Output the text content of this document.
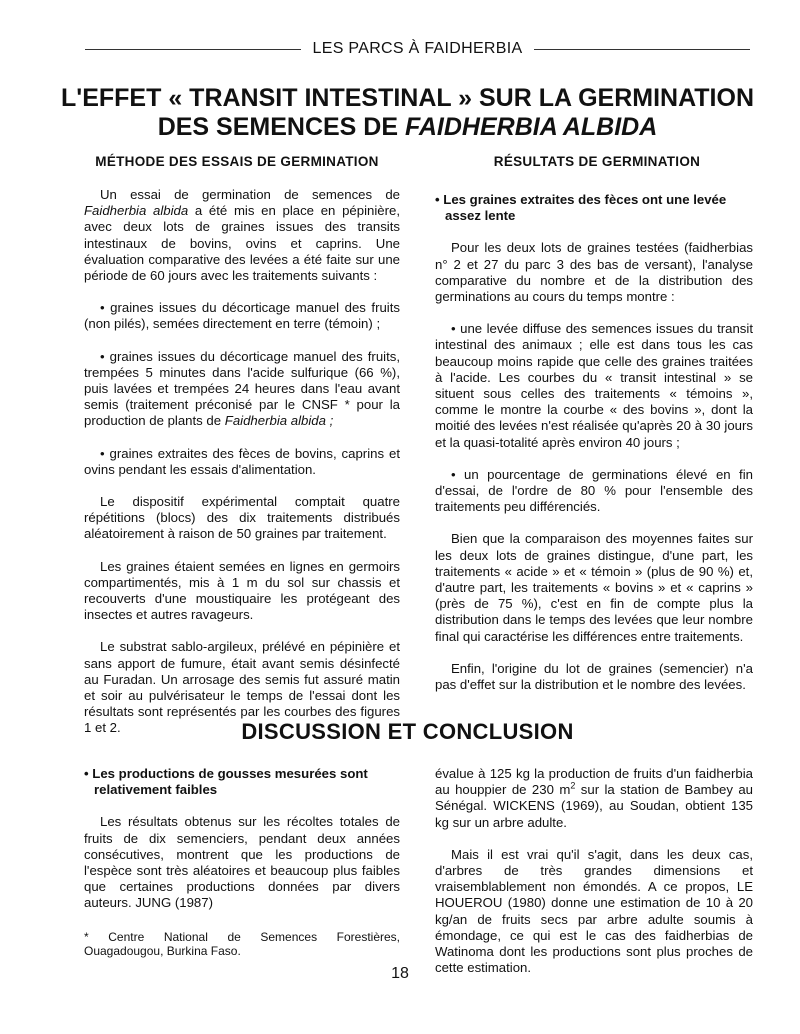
LES PARCS À FAIDHERBIA
L'EFFET « TRANSIT INTESTINAL » SUR LA GERMINATION
DES SEMENCES DE FAIDHERBIA ALBIDA
MÉTHODE DES ESSAIS DE GERMINATION	RÉSULTATS DE GERMINATION

Un essai de germination de semences de Faidherbia albida a été mis en place en pépinière, avec deux lots de graines issues des transits intestinaux de bovins, ovins et caprins. Une évaluation comparative des levées a été faite sur une période de 60 jours avec les traitements suivants :

• graines issues du décorticage manuel des fruits (non pilés), semées directement en terre (témoin) ;

• graines issues du décorticage manuel des fruits, trempées 5 minutes dans l'acide sulfurique (66 %), puis lavées et trempées 24 heures dans l'eau avant semis (traitement préconisé par le CNSF * pour la production de plants de Faidherbia albida ;

• graines extraites des fèces de bovins, caprins et ovins pendant les essais d'alimentation.

Le dispositif expérimental comptait quatre répétitions (blocs) des dix traitements distribués aléatoirement à raison de 50 graines par traitement.

Les graines étaient semées en lignes en germoirs compartimentés, mis à 1 m du sol sur chassis et recouverts d'une moustiquaire les protégeant des insectes et autres ravageurs.

Le substrat sablo-argileux, prélévé en pépinière et sans apport de fumure, était avant semis désinfecté au Furadan. Un arrosage des semis fut assuré matin et soir au pulvérisateur le temps de l'essai dont les résultats sont représentés par les courbes des figures 1 et 2.

• Les graines extraites des fèces ont une levée assez lente

Pour les deux lots de graines testées (faidherbias n° 2 et 27 du parc 3 des bas de versant), l'analyse comparative du nombre et de la distribution des germinations au cours du temps montre :

• une levée diffuse des semences issues du transit intestinal des animaux ; elle est dans tous les cas beaucoup moins rapide que celle des graines traitées à l'acide. Les courbes du « transit intestinal » se situent sous celles des traitements « témoins », comme le montre la courbe « des bovins », dont la moitié des levées n'est réalisée qu'après 20 à 30 jours et la quasi-totalité après environ 40 jours ;

• un pourcentage de germinations élevé en fin d'essai, de l'ordre de 80 % pour l'ensemble des traitements peu différenciés.

Bien que la comparaison des moyennes faites sur les deux lots de graines distingue, d'une part, les traitements « acide » et « témoin » (plus de 90 %) et, d'autre part, les traitements « bovins » et « caprins » (près de 75 %), c'est en fin de compte plus la distribution dans le temps des levées que leur nombre final qui caractérise les différences entre traitements.

Enfin, l'origine du lot de graines (semencier) n'a pas d'effet sur la distribution et le nombre des levées.

DISCUSSION ET CONCLUSION

• Les productions de gousses mesurées sont relativement faibles

Les résultats obtenus sur les récoltes totales de fruits de dix semenciers, pendant deux années consécutives, montrent que les productions de l'espèce sont très aléatoires et beaucoup plus faibles que certaines productions données par divers auteurs. JUNG (1987)

* Centre National de Semences Forestières, Ouagadougou, Burkina Faso.

évalue à 125 kg la production de fruits d'un faidherbia au houppier de 230 $m^2$ sur la station de Bambey au Sénégal. WICKENS (1969), au Soudan, obtient 135 kg sur un arbre adulte.

Mais il est vrai qu'il s'agit, dans les deux cas, d'arbres de très grandes dimensions et vraisemblablement non émondés. A ce propos, LE HOUEROU (1980) donne une estimation de 10 à 20 kg/an de fruits secs par arbre adulte soumis à émondage, ce qui est le cas des faidherbias de Watinoma dont les productions sont plus proches de cette estimation.

18
